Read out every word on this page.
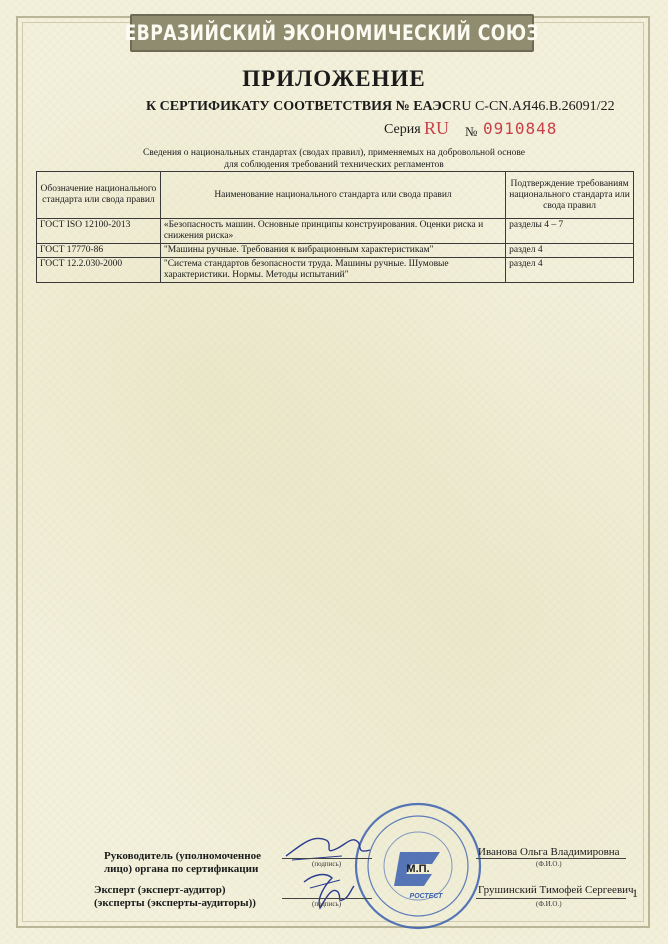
ЕВРАЗИЙСКИЙ ЭКОНОМИЧЕСКИЙ СОЮЗ
ПРИЛОЖЕНИЕ
К СЕРТИФИКАТУ СООТВЕТСТВИЯ № ЕАЭС RU C-CN.АЯ46.В.26091/22
Серия RU № 0910848
Сведения о национальных стандартах (сводах правил), применяемых на добровольной основе
для соблюдения требований технических регламентов
Обозначение национального стандарта или свода правил	Наименование национального стандарта или свода правил	Подтверждение требованиям национального стандарта или свода правил
ГОСТ ISO 12100-2013	«Безопасность машин. Основные принципы конструирования. Оценки риска и снижения риска»	разделы 4 – 7
ГОСТ 17770-86	"Машины ручные. Требования к вибрационным характеристикам"	раздел 4
ГОСТ 12.2.030-2000	"Система стандартов безопасности труда. Машины ручные. Шумовые характеристики. Нормы. Методы испытаний"	раздел 4
М.П.
РОСТЕСТ
Руководитель (уполномоченное
лицо) органа по сертификации	(подпись)
Иванова Ольга Владимировна
(Ф.И.О.)
Эксперт (эксперт-аудитор)
(эксперты (эксперты-аудиторы))	(подпись)
Грушинский Тимофей Сергеевич
(Ф.И.О.)
1
